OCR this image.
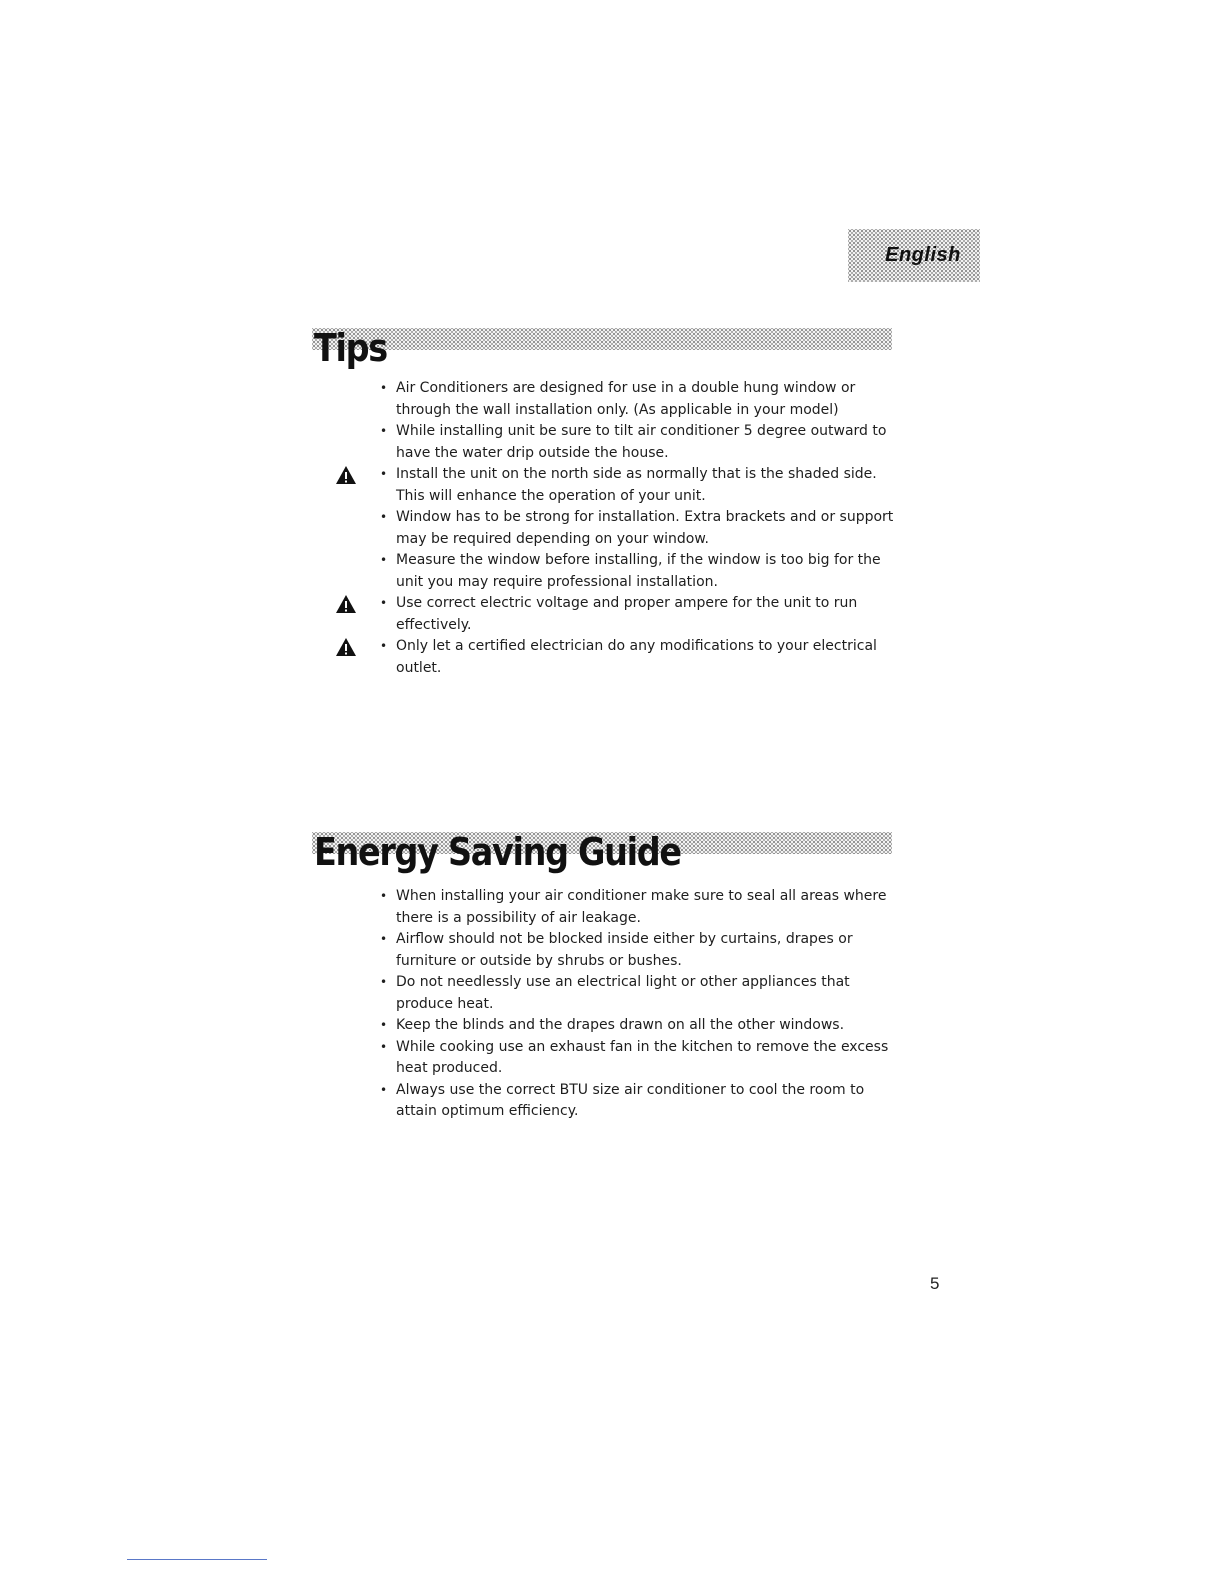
English
Tips
• Air Conditioners are designed for use in a double hung window or through the wall installation only. (As applicable in your model)
• While installing unit be sure to tilt air conditioner 5 degree outward to have the water drip outside the house.
• Install the unit on the north side as normally that is the shaded side. This will enhance the operation of your unit.
• Window has to be strong for installation. Extra brackets and or support may be required depending on your window.
• Measure the window before installing, if the window is too big for the unit you may require professional installation.
• Use correct electric voltage and proper ampere for the unit to run effectively.
• Only let a certified electrician do any modifications to your electrical outlet.
Energy Saving Guide
• When installing your air conditioner make sure to seal all areas where there is a possibility of air leakage.
• Airflow should not be blocked inside either by curtains, drapes or furniture or outside by shrubs or bushes.
• Do not needlessly use an electrical light or other appliances that produce heat.
• Keep the blinds and the drapes drawn on all the other windows.
• While cooking use an exhaust fan in the kitchen to remove the excess heat produced.
• Always use the correct BTU size air conditioner to cool the room to attain optimum efficiency.
5
